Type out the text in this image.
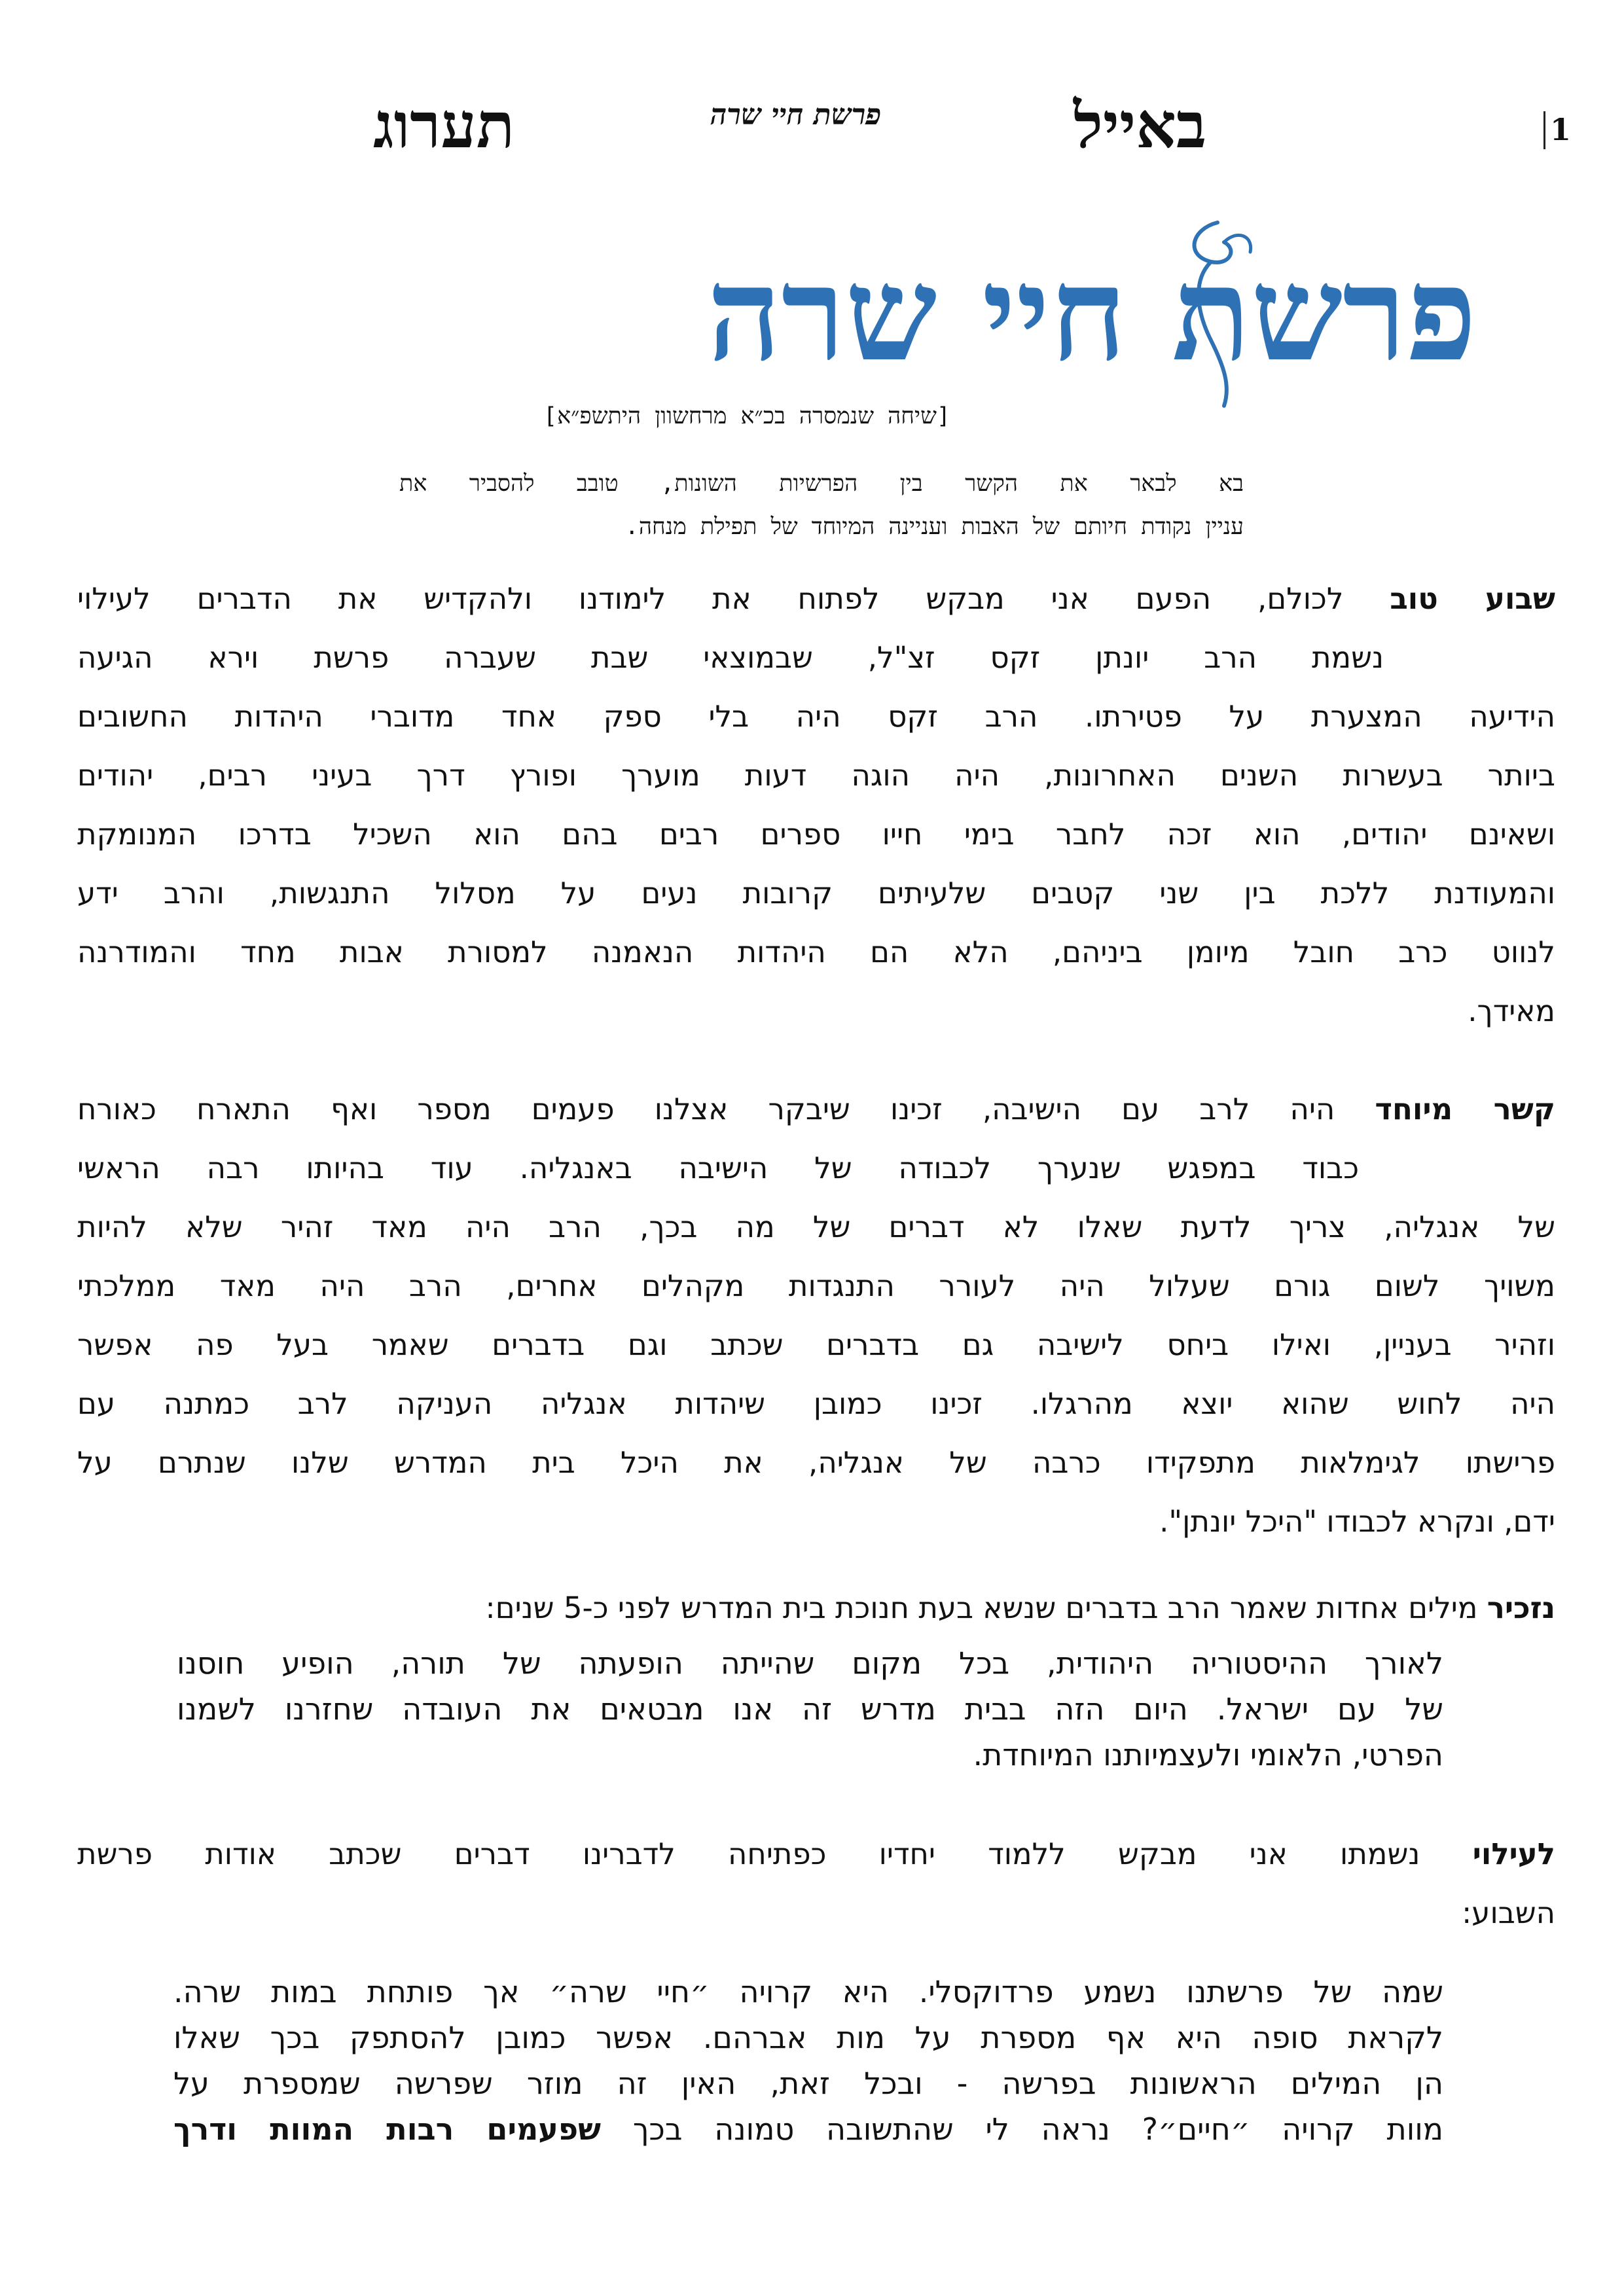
1
באייל
פרשת חיי שרה
תערוג
פרשת חיי שרה
[שיחה שנמסרה בכ״א מרחשוון היתשפ״א]
בא לבאר את הקשר בין הפרשיות השונות, טובב להסביר את
עניין נקודת חיותם של האבות ועניינה המיוחד של תפילת מנחה.
שבוע טוב לכולם, הפעם אני מבקש לפתוח את לימודנו ולהקדיש את הדברים לעילוי
נשמת הרב יונתן זקס זצ"ל, שבמוצאי שבת שעברה פרשת וירא הגיעה
הידיעה המצערת על פטירתו. הרב זקס היה בלי ספק אחד מדוברי היהדות החשובים
ביותר בעשרות השנים האחרונות, היה הוגה דעות מוערך ופורץ דרך בעיני רבים, יהודים
ושאינם יהודים, הוא זכה לחבר בימי חייו ספרים רבים בהם הוא השכיל בדרכו המנומקת
והמעודנת ללכת בין שני קטבים שלעיתים קרובות נעים על מסלול התנגשות, והרב ידע
לנווט כרב חובל מיומן ביניהם, הלא הם היהדות הנאמנה למסורת אבות מחד והמודרנה
מאידך.
קשר מיוחד היה לרב עם הישיבה, זכינו שיבקר אצלנו פעמים מספר ואף התארח כאורח
כבוד במפגש שנערך לכבודה של הישיבה באנגליה. עוד בהיותו רבה הראשי
של אנגליה, צריך לדעת שאלו לא דברים של מה בכך, הרב היה מאד זהיר שלא להיות
משויך לשום גורם שעלול היה לעורר התנגדות מקהלים אחרים, הרב היה מאד ממלכתי
וזהיר בעניין, ואילו ביחס לישיבה גם בדברים שכתב וגם בדברים שאמר בעל פה אפשר
היה לחוש שהוא יוצא מהרגלו. זכינו כמובן שיהדות אנגליה העניקה לרב כמתנה עם
פרישתו לגימלאות מתפקידו כרבה של אנגליה, את היכל בית המדרש שלנו שנתרם על
ידם, ונקרא לכבודו "היכל יונתן".
נזכיר מילים אחדות שאמר הרב בדברים שנשא בעת חנוכת בית המדרש לפני כ-5 שנים:
לאורך ההיסטוריה היהודית, בכל מקום שהייתה הופעתה של תורה, הופיע חוסנו
של עם ישראל. היום הזה בבית מדרש זה אנו מבטאים את העובדה שחזרנו לשמנו
הפרטי, הלאומי ולעצמיותנו המיוחדת.
לעילוי נשמתו אני מבקש ללמוד יחדיו כפתיחה לדברינו דברים שכתב אודות פרשת
השבוע:
שמה של פרשתנו נשמע פרדוקסלי. היא קרויה ״חיי שרה״ אך פותחת במות שרה.
לקראת סופה היא אף מספרת על מות אברהם. אפשר כמובן להסתפק בכך שאלו
הן המילים הראשונות בפרשה - ובכל זאת, האין זה מוזר שפרשה שמספרת על
מוות קרויה ״חיים״? נראה לי שהתשובה טמונה בכך שפעמים רבות המוות ודרך
